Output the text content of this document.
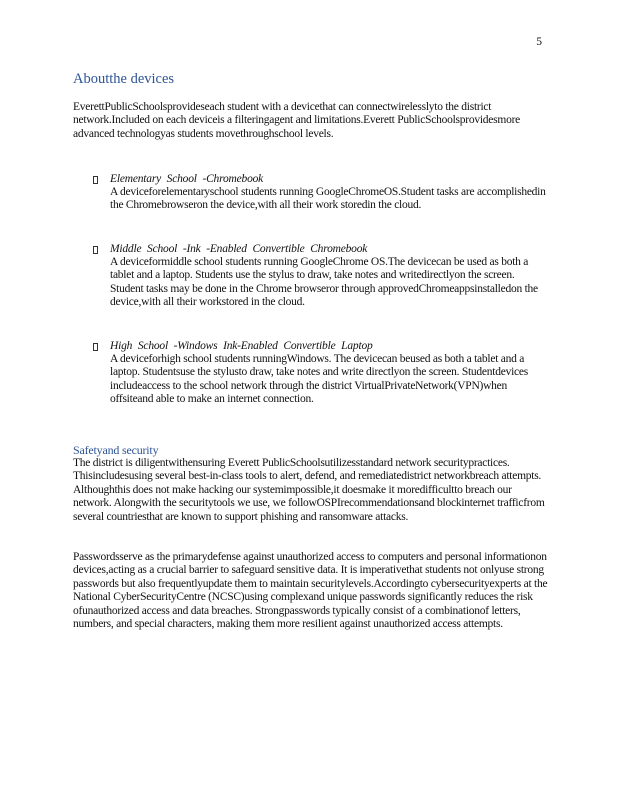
5
Aboutthe devices

EverettPublicSchoolsprovideseach student with a devicethat can connectwirelesslyto the district network.Included on each deviceis a filteringagent and limitations.Everett PublicSchoolsprovidesmore advanced technologyas students movethroughschool levels.

Elementary School -Chromebook

A deviceforelementaryschool students running GoogleChromeOS.Student tasks are accomplishedin the Chromebrowseron the device,with all their work storedin the cloud.

Middle School -Ink -Enabled Convertible Chromebook

A deviceformiddle school students running GoogleChrome OS.The devicecan be used as both a tablet and a laptop. Students use the stylus to draw, take notes and writedirectlyon the screen. Student tasks may be done in the Chrome browseror through approvedChromeappsinstalledon the device,with all their workstored in the cloud.

High School -Windows Ink-Enabled Convertible Laptop

A deviceforhigh school students runningWindows. The devicecan beused as both a tablet and a laptop. Studentsuse the stylusto draw, take notes and write directlyon the screen. Studentdevices includeaccess to the school network through the district VirtualPrivateNetwork(VPN)when offsiteand able to make an internet connection.

Safetyand security

The district is diligentwithensuring Everett PublicSchoolsutilizesstandard network securitypractices. Thisincludesusing several best-in-class tools to alert, defend, and remediatedistrict networkbreach attempts. Althoughthis does not make hacking our systemimpossible,it doesmake it moredifficultto breach our network. Alongwith the securitytools we use, we followOSPIrecommendationsand blockinternet trafficfrom several countriesthat are known to support phishing and ransomware attacks.

Passwordsserve as the primarydefense against unauthorized access to computers and personal informationon devices,acting as a crucial barrier to safeguard sensitive data. It is imperativethat students not onlyuse strong passwords but also frequentlyupdate them to maintain securitylevels.Accordingto cybersecurityexperts at the National CyberSecurityCentre (NCSC)using complexand unique passwords significantly reduces the risk ofunauthorized access and data breaches. Strongpasswords typically consist of a combinationof letters, numbers, and special characters, making them more resilient against unauthorized access attempts.
